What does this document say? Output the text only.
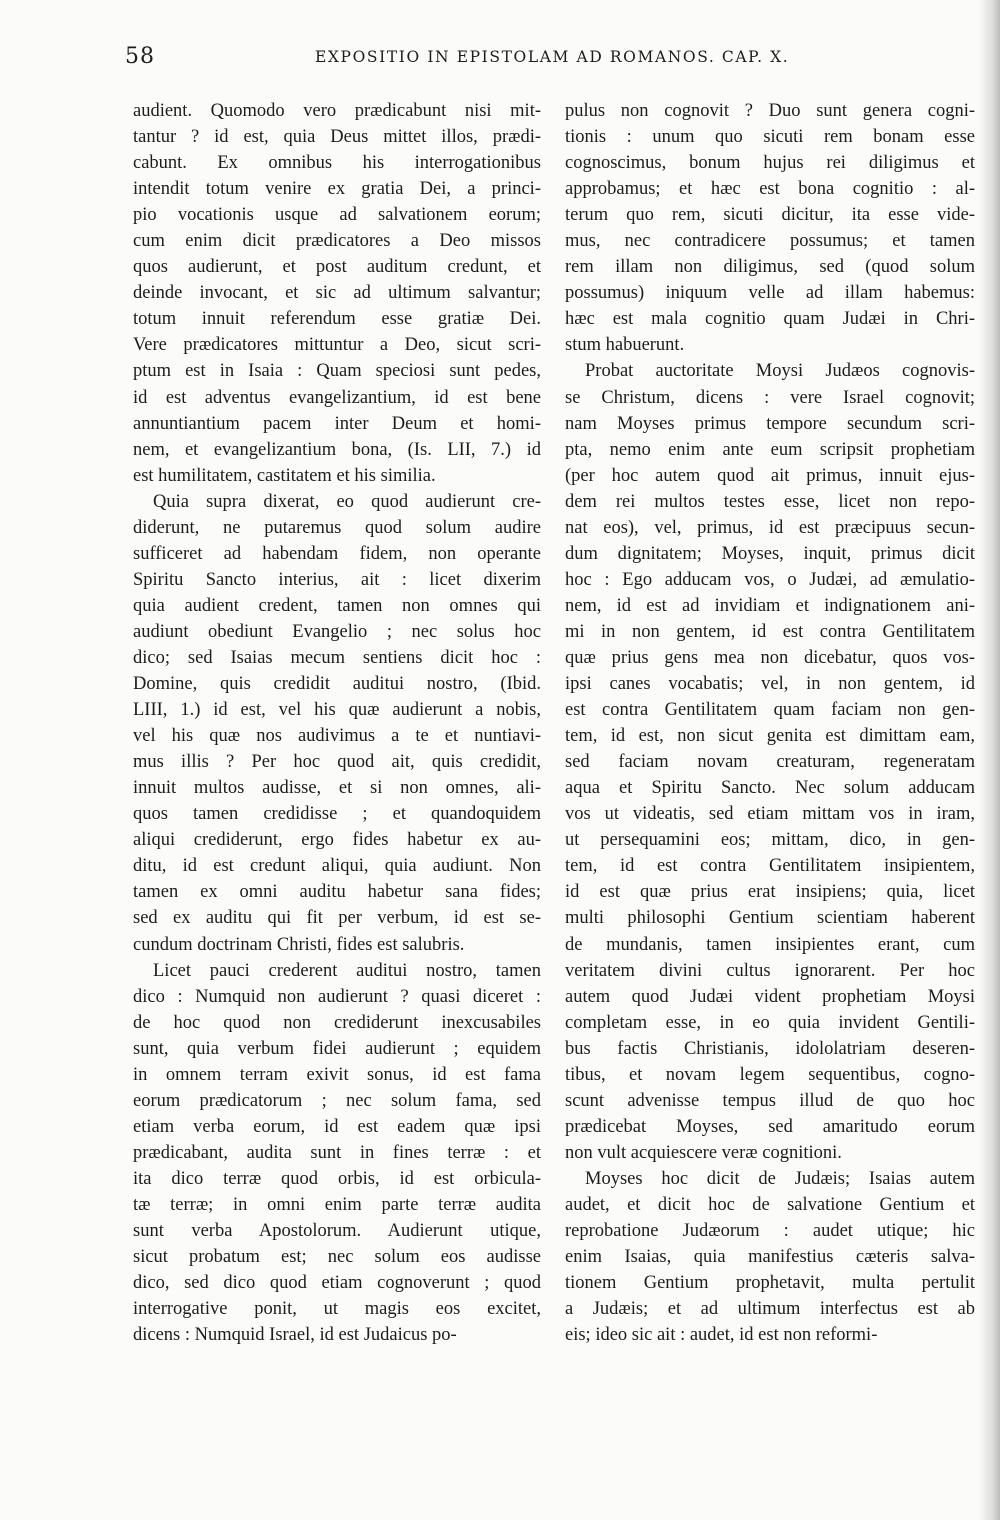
58	EXPOSITIO IN EPISTOLAM AD ROMANOS. CAP. X.
audient. Quomodo vero prædicabunt nisi mit-
tantur ? id est, quia Deus mittet illos, prædi-
cabunt. Ex omnibus his interrogationibus
intendit totum venire ex gratia Dei, a princi-
pio vocationis usque ad salvationem eorum;
cum enim dicit prædicatores a Deo missos
quos audierunt, et post auditum credunt, et
deinde invocant, et sic ad ultimum salvantur;
totum innuit referendum esse gratiæ Dei.
Vere prædicatores mittuntur a Deo, sicut scri-
ptum est in Isaia : Quam speciosi sunt pedes,
id est adventus evangelizantium, id est bene
annuntiantium pacem inter Deum et homi-
nem, et evangelizantium bona, (Is. LII, 7.) id
est humilitatem, castitatem et his similia.
Quia supra dixerat, eo quod audierunt cre-
diderunt, ne putaremus quod solum audire
sufficeret ad habendam fidem, non operante
Spiritu Sancto interius, ait : licet dixerim
quia audient credent, tamen non omnes qui
audiunt obediunt Evangelio ; nec solus hoc
dico; sed Isaias mecum sentiens dicit hoc :
Domine, quis credidit auditui nostro, (Ibid.
LIII, 1.) id est, vel his quæ audierunt a nobis,
vel his quæ nos audivimus a te et nuntiavi-
mus illis ? Per hoc quod ait, quis credidit,
innuit multos audisse, et si non omnes, ali-
quos tamen credidisse ; et quandoquidem
aliqui crediderunt, ergo fides habetur ex au-
ditu, id est credunt aliqui, quia audiunt. Non
tamen ex omni auditu habetur sana fides;
sed ex auditu qui fit per verbum, id est se-
cundum doctrinam Christi, fides est salubris.
Licet pauci crederent auditui nostro, tamen
dico : Numquid non audierunt ? quasi diceret :
de hoc quod non crediderunt inexcusabiles
sunt, quia verbum fidei audierunt ; equidem
in omnem terram exivit sonus, id est fama
eorum prædicatorum ; nec solum fama, sed
etiam verba eorum, id est eadem quæ ipsi
prædicabant, audita sunt in fines terræ : et
ita dico terræ quod orbis, id est orbicula-
tæ terræ; in omni enim parte terræ audita
sunt verba Apostolorum. Audierunt utique,
sicut probatum est; nec solum eos audisse
dico, sed dico quod etiam cognoverunt ; quod
interrogative ponit, ut magis eos excitet,
dicens : Numquid Israel, id est Judaicus po-
pulus non cognovit ? Duo sunt genera cogni-
tionis : unum quo sicuti rem bonam esse
cognoscimus, bonum hujus rei diligimus et
approbamus; et hæc est bona cognitio : al-
terum quo rem, sicuti dicitur, ita esse vide-
mus, nec contradicere possumus; et tamen
rem illam non diligimus, sed (quod solum
possumus) iniquum velle ad illam habemus:
hæc est mala cognitio quam Judæi in Chri-
stum habuerunt.
Probat auctoritate Moysi Judæos cognovis-
se Christum, dicens : vere Israel cognovit;
nam Moyses primus tempore secundum scri-
pta, nemo enim ante eum scripsit prophetiam
(per hoc autem quod ait primus, innuit ejus-
dem rei multos testes esse, licet non repo-
nat eos), vel, primus, id est præcipuus secun-
dum dignitatem; Moyses, inquit, primus dicit
hoc : Ego adducam vos, o Judæi, ad æmulatio-
nem, id est ad invidiam et indignationem ani-
mi in non gentem, id est contra Gentilitatem
quæ prius gens mea non dicebatur, quos vos-
ipsi canes vocabatis; vel, in non gentem, id
est contra Gentilitatem quam faciam non gen-
tem, id est, non sicut genita est dimittam eam,
sed faciam novam creaturam, regeneratam
aqua et Spiritu Sancto. Nec solum adducam
vos ut videatis, sed etiam mittam vos in iram,
ut persequamini eos; mittam, dico, in gen-
tem, id est contra Gentilitatem insipientem,
id est quæ prius erat insipiens; quia, licet
multi philosophi Gentium scientiam haberent
de mundanis, tamen insipientes erant, cum
veritatem divini cultus ignorarent. Per hoc
autem quod Judæi vident prophetiam Moysi
completam esse, in eo quia invident Gentili-
bus factis Christianis, idololatriam deseren-
tibus, et novam legem sequentibus, cogno-
scunt advenisse tempus illud de quo hoc
prædicebat Moyses, sed amaritudo eorum
non vult acquiescere veræ cognitioni.
Moyses hoc dicit de Judæis; Isaias autem
audet, et dicit hoc de salvatione Gentium et
reprobatione Judæorum : audet utique; hic
enim Isaias, quia manifestius cæteris salva-
tionem Gentium prophetavit, multa pertulit
a Judæis; et ad ultimum interfectus est ab
eis; ideo sic ait : audet, id est non reformi-
